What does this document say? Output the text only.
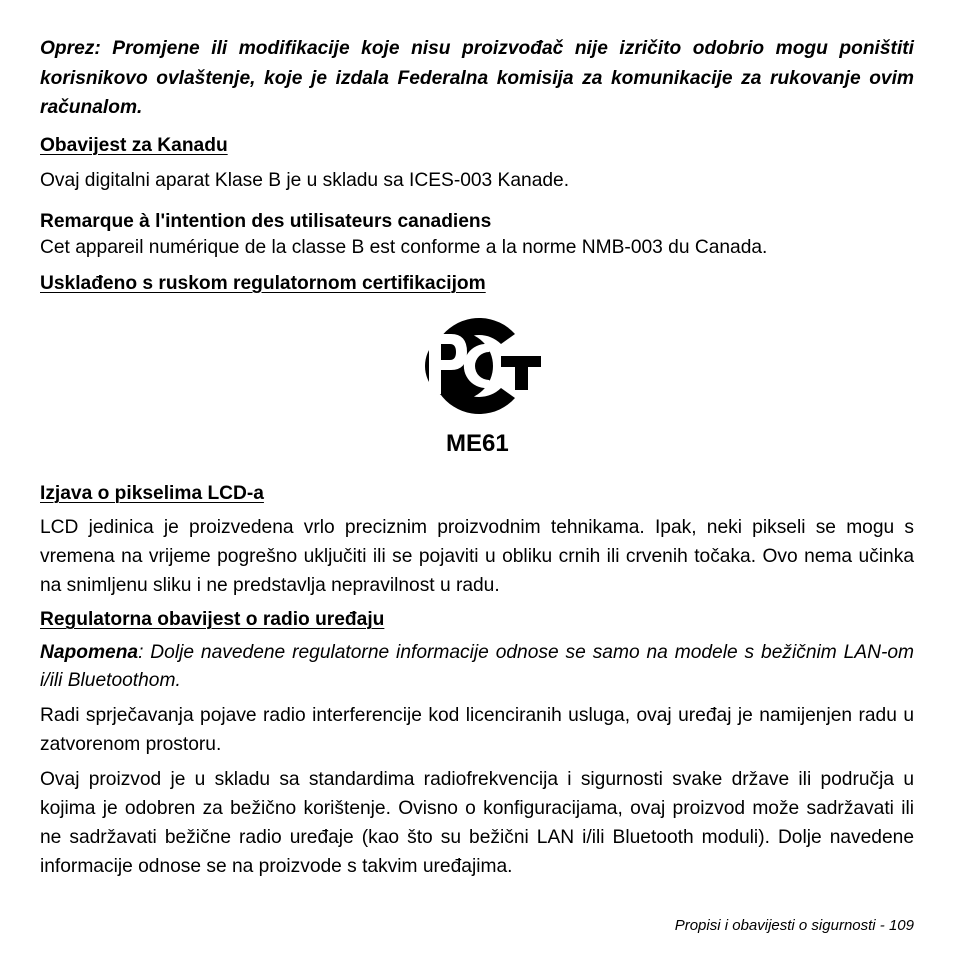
Oprez: Promjene ili modifikacije koje nisu proizvođač nije izričito odobrio mogu poništiti korisnikovo ovlaštenje, koje je izdala Federalna komisija za komunikacije za rukovanje ovim računalom.

Obavijest za Kanadu

Ovaj digitalni aparat Klase B je u skladu sa ICES-003 Kanade.

Remarque à l'intention des utilisateurs canadiens

Cet appareil numérique de la classe B est conforme a la norme NMB-003 du Canada.

Usklađeno s ruskom regulatornom certifikacijom
ME61
Izjava o pikselima LCD-a

LCD jedinica je proizvedena vrlo preciznim proizvodnim tehnikama. Ipak, neki pikseli se mogu s vremena na vrijeme pogrešno uključiti ili se pojaviti u obliku crnih ili crvenih točaka. Ovo nema učinka na snimljenu sliku i ne predstavlja nepravilnost u radu.

Regulatorna obavijest o radio uređaju

Napomena: Dolje navedene regulatorne informacije odnose se samo na modele s bežičnim LAN-om i/ili Bluetoothom.

Radi sprječavanja pojave radio interferencije kod licenciranih usluga, ovaj uređaj je namijenjen radu u zatvorenom prostoru.

Ovaj proizvod je u skladu sa standardima radiofrekvencija i sigurnosti svake države ili područja u kojima je odobren za bežično korištenje. Ovisno o konfiguracijama, ovaj proizvod može sadržavati ili ne sadržavati bežične radio uređaje (kao što su bežični LAN i/ili Bluetooth moduli). Dolje navedene informacije odnose se na proizvode s takvim uređajima.

Propisi i obavijesti o sigurnosti - 109
